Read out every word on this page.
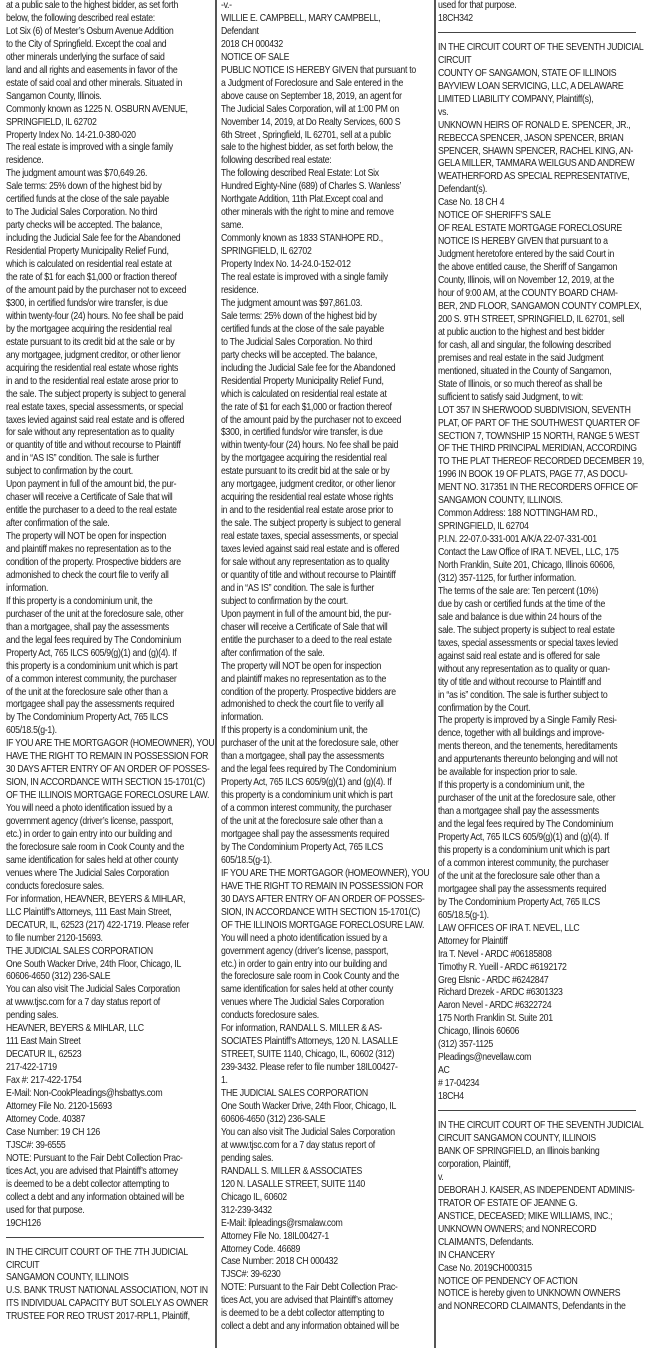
at a public sale to the highest bidder, as set forth
below, the following described real estate:
Lot Six (6) of Mester’s Osburn Avenue Addition
to the City of Springfield. Except the coal and
other minerals underlying the surface of said
land and all rights and easements in favor of the
estate of said coal and other minerals. Situated in
Sangamon County, Illinois.
Commonly known as 1225 N. OSBURN AVENUE,
SPRINGFIELD, IL 62702
Property Index No. 14-21.0-380-020
The real estate is improved with a single family
residence.
The judgment amount was $70,649.26.
Sale terms: 25% down of the highest bid by
certified funds at the close of the sale payable
to The Judicial Sales Corporation. No third
party checks will be accepted. The balance,
including the Judicial Sale fee for the Abandoned
Residential Property Municipality Relief Fund,
which is calculated on residential real estate at
the rate of $1 for each $1,000 or fraction thereof
of the amount paid by the purchaser not to exceed
$300, in certified funds/or wire transfer, is due
within twenty-four (24) hours. No fee shall be paid
by the mortgagee acquiring the residential real
estate pursuant to its credit bid at the sale or by
any mortgagee, judgment creditor, or other lienor
acquiring the residential real estate whose rights
in and to the residential real estate arose prior to
the sale. The subject property is subject to general
real estate taxes, special assessments, or special
taxes levied against said real estate and is offered
for sale without any representation as to quality
or quantity of title and without recourse to Plaintiff
and in “AS IS” condition. The sale is further
subject to confirmation by the court.
Upon payment in full of the amount bid, the pur-
chaser will receive a Certificate of Sale that will
entitle the purchaser to a deed to the real estate
after confirmation of the sale.
The property will NOT be open for inspection
and plaintiff makes no representation as to the
condition of the property. Prospective bidders are
admonished to check the court file to verify all
information.
If this property is a condominium unit, the
purchaser of the unit at the foreclosure sale, other
than a mortgagee, shall pay the assessments
and the legal fees required by The Condominium
Property Act, 765 ILCS 605/9(g)(1) and (g)(4). If
this property is a condominium unit which is part
of a common interest community, the purchaser
of the unit at the foreclosure sale other than a
mortgagee shall pay the assessments required
by The Condominium Property Act, 765 ILCS
605/18.5(g-1).
IF YOU ARE THE MORTGAGOR (HOMEOWNER), YOU
HAVE THE RIGHT TO REMAIN IN POSSESSION FOR
30 DAYS AFTER ENTRY OF AN ORDER OF POSSES-
SION, IN ACCORDANCE WITH SECTION 15-1701(C)
OF THE ILLINOIS MORTGAGE FORECLOSURE LAW.
You will need a photo identification issued by a
government agency (driver’s license, passport,
etc.) in order to gain entry into our building and
the foreclosure sale room in Cook County and the
same identification for sales held at other county
venues where The Judicial Sales Corporation
conducts foreclosure sales.
For information, HEAVNER, BEYERS & MIHLAR,
LLC Plaintiff’s Attorneys, 111 East Main Street,
DECATUR, IL, 62523 (217) 422-1719. Please refer
to file number 2120-15693.
THE JUDICIAL SALES CORPORATION
One South Wacker Drive, 24th Floor, Chicago, IL
60606-4650 (312) 236-SALE
You can also visit The Judicial Sales Corporation
at www.tjsc.com for a 7 day status report of
pending sales.
HEAVNER, BEYERS & MIHLAR, LLC
111 East Main Street
DECATUR IL, 62523
217-422-1719
Fax #: 217-422-1754
E-Mail: Non-CookPleadings@hsbattys.com
Attorney File No. 2120-15693
Attorney Code. 40387
Case Number: 19 CH 126
TJSC#: 39-6555
NOTE: Pursuant to the Fair Debt Collection Prac-
tices Act, you are advised that Plaintiff’s attorney
is deemed to be a debt collector attempting to
collect a debt and any information obtained will be
used for that purpose.
19CH126
IN THE CIRCUIT COURT OF THE 7TH JUDICIAL
CIRCUIT
SANGAMON COUNTY, ILLINOIS
U.S. BANK TRUST NATIONAL ASSOCIATION, NOT IN
ITS INDIVIDUAL CAPACITY BUT SOLELY AS OWNER
TRUSTEE FOR REO TRUST 2017-RPL1, Plaintiff,
-v.-
WILLIE E. CAMPBELL, MARY CAMPBELL,
Defendant
2018 CH 000432
NOTICE OF SALE
PUBLIC NOTICE IS HEREBY GIVEN that pursuant to
a Judgment of Foreclosure and Sale entered in the
above cause on September 18, 2019, an agent for
The Judicial Sales Corporation, will at 1:00 PM on
November 14, 2019, at Do Realty Services, 600 S
6th Street , Springfield, IL 62701, sell at a public
sale to the highest bidder, as set forth below, the
following described real estate:
The following described Real Estate: Lot Six
Hundred Eighty-Nine (689) of Charles S. Wanless’
Northgate Addition, 11th Plat.Except coal and
other minerals with the right to mine and remove
same.
Commonly known as 1833 STANHOPE RD.,
SPRINGFIELD, IL 62702
Property Index No. 14-24.0-152-012
The real estate is improved with a single family
residence.
The judgment amount was $97,861.03.
Sale terms: 25% down of the highest bid by
certified funds at the close of the sale payable
to The Judicial Sales Corporation. No third
party checks will be accepted. The balance,
including the Judicial Sale fee for the Abandoned
Residential Property Municipality Relief Fund,
which is calculated on residential real estate at
the rate of $1 for each $1,000 or fraction thereof
of the amount paid by the purchaser not to exceed
$300, in certified funds/or wire transfer, is due
within twenty-four (24) hours. No fee shall be paid
by the mortgagee acquiring the residential real
estate pursuant to its credit bid at the sale or by
any mortgagee, judgment creditor, or other lienor
acquiring the residential real estate whose rights
in and to the residential real estate arose prior to
the sale. The subject property is subject to general
real estate taxes, special assessments, or special
taxes levied against said real estate and is offered
for sale without any representation as to quality
or quantity of title and without recourse to Plaintiff
and in “AS IS” condition. The sale is further
subject to confirmation by the court.
Upon payment in full of the amount bid, the pur-
chaser will receive a Certificate of Sale that will
entitle the purchaser to a deed to the real estate
after confirmation of the sale.
The property will NOT be open for inspection
and plaintiff makes no representation as to the
condition of the property. Prospective bidders are
admonished to check the court file to verify all
information.
If this property is a condominium unit, the
purchaser of the unit at the foreclosure sale, other
than a mortgagee, shall pay the assessments
and the legal fees required by The Condominium
Property Act, 765 ILCS 605/9(g)(1) and (g)(4). If
this property is a condominium unit which is part
of a common interest community, the purchaser
of the unit at the foreclosure sale other than a
mortgagee shall pay the assessments required
by The Condominium Property Act, 765 ILCS
605/18.5(g-1).
IF YOU ARE THE MORTGAGOR (HOMEOWNER), YOU
HAVE THE RIGHT TO REMAIN IN POSSESSION FOR
30 DAYS AFTER ENTRY OF AN ORDER OF POSSES-
SION, IN ACCORDANCE WITH SECTION 15-1701(C)
OF THE ILLINOIS MORTGAGE FORECLOSURE LAW.
You will need a photo identification issued by a
government agency (driver’s license, passport,
etc.) in order to gain entry into our building and
the foreclosure sale room in Cook County and the
same identification for sales held at other county
venues where The Judicial Sales Corporation
conducts foreclosure sales.
For information, RANDALL S. MILLER & AS-
SOCIATES Plaintiff’s Attorneys, 120 N. LASALLE
STREET, SUITE 1140, Chicago, IL, 60602 (312)
239-3432. Please refer to file number 18IL00427-
1.
THE JUDICIAL SALES CORPORATION
One South Wacker Drive, 24th Floor, Chicago, IL
60606-4650 (312) 236-SALE
You can also visit The Judicial Sales Corporation
at www.tjsc.com for a 7 day status report of
pending sales.
RANDALL S. MILLER & ASSOCIATES
120 N. LASALLE STREET, SUITE 1140
Chicago IL, 60602
312-239-3432
E-Mail: ilpleadings@rsmalaw.com
Attorney File No. 18IL00427-1
Attorney Code. 46689
Case Number: 2018 CH 000432
TJSC#: 39-6230
NOTE: Pursuant to the Fair Debt Collection Prac-
tices Act, you are advised that Plaintiff’s attorney
is deemed to be a debt collector attempting to
collect a debt and any information obtained will be
used for that purpose.
18CH342
IN THE CIRCUIT COURT OF THE SEVENTH JUDICIAL
CIRCUIT
COUNTY OF SANGAMON, STATE OF ILLINOIS
BAYVIEW LOAN SERVICING, LLC, A DELAWARE
LIMITED LIABILITY COMPANY, Plaintiff(s),
vs.
UNKNOWN HEIRS OF RONALD E. SPENCER, JR.,
REBECCA SPENCER, JASON SPENCER, BRIAN
SPENCER, SHAWN SPENCER, RACHEL KING, AN-
GELA MILLER, TAMMARA WEILGUS AND ANDREW
WEATHERFORD AS SPECIAL REPRESENTATIVE,
Defendant(s).
Case No. 18 CH 4
NOTICE OF SHERIFF’S SALE
OF REAL ESTATE MORTGAGE FORECLOSURE
NOTICE IS HEREBY GIVEN that pursuant to a
Judgment heretofore entered by the said Court in
the above entitled cause, the Sheriff of Sangamon
County, Illinois, will on November 12, 2019, at the
hour of 9:00 AM, at the COUNTY BOARD CHAM-
BER, 2ND FLOOR, SANGAMON COUNTY COMPLEX,
200 S. 9TH STREET, SPRINGFIELD, IL 62701, sell
at public auction to the highest and best bidder
for cash, all and singular, the following described
premises and real estate in the said Judgment
mentioned, situated in the County of Sangamon,
State of Illinois, or so much thereof as shall be
sufficient to satisfy said Judgment, to wit:
LOT 357 IN SHERWOOD SUBDIVISION, SEVENTH
PLAT, OF PART OF THE SOUTHWEST QUARTER OF
SECTION 7, TOWNSHIP 15 NORTH, RANGE 5 WEST
OF THE THIRD PRINCIPAL MERIDIAN, ACCORDING
TO THE PLAT THEREOF RECORDED DECEMBER 19,
1996 IN BOOK 19 OF PLATS, PAGE 77, AS DOCU-
MENT NO. 317351 IN THE RECORDERS OFFICE OF
SANGAMON COUNTY, ILLINOIS.
Common Address: 188 NOTTINGHAM RD.,
SPRINGFIELD, IL 62704
P.I.N. 22-07.0-331-001 A/K/A 22-07-331-001
Contact the Law Office of IRA T. NEVEL, LLC, 175
North Franklin, Suite 201, Chicago, Illinois 60606,
(312) 357-1125, for further information.
The terms of the sale are: Ten percent (10%)
due by cash or certified funds at the time of the
sale and balance is due within 24 hours of the
sale. The subject property is subject to real estate
taxes, special assessments or special taxes levied
against said real estate and is offered for sale
without any representation as to quality or quan-
tity of title and without recourse to Plaintiff and
in “as is” condition. The sale is further subject to
confirmation by the Court.
The property is improved by a Single Family Resi-
dence, together with all buildings and improve-
ments thereon, and the tenements, hereditaments
and appurtenants thereunto belonging and will not
be available for inspection prior to sale.
If this property is a condominium unit, the
purchaser of the unit at the foreclosure sale, other
than a mortgagee shall pay the assessments
and the legal fees required by The Condominium
Property Act, 765 ILCS 605/9(g)(1) and (g)(4). If
this property is a condominium unit which is part
of a common interest community, the purchaser
of the unit at the foreclosure sale other than a
mortgagee shall pay the assessments required
by The Condominium Property Act, 765 ILCS
605/18.5(g-1).
LAW OFFICES OF IRA T. NEVEL, LLC
Attorney for Plaintiff
Ira T. Nevel - ARDC #06185808
Timothy R. Yueill - ARDC #6192172
Greg Elsnic - ARDC #6242847
Richard Drezek - ARDC #6301323
Aaron Nevel - ARDC #6322724
175 North Franklin St. Suite 201
Chicago, Illinois 60606
(312) 357-1125
Pleadings@nevellaw.com
AC
# 17-04234
18CH4
IN THE CIRCUIT COURT OF THE SEVENTH JUDICIAL
CIRCUIT SANGAMON COUNTY, ILLINOIS
BANK OF SPRINGFIELD, an Illinois banking
corporation, Plaintiff,
v.
DEBORAH J. KAISER, AS INDEPENDENT ADMINIS-
TRATOR OF ESTATE OF JEANNE G.
ANSTICE, DECEASED; MIKE WILLIAMS, INC.;
UNKNOWN OWNERS; and NONRECORD
CLAIMANTS, Defendants.
IN CHANCERY
Case No. 2019CH000315
NOTICE OF PENDENCY OF ACTION
NOTICE is hereby given to UNKNOWN OWNERS
and NONRECORD CLAIMANTS, Defendants in the
